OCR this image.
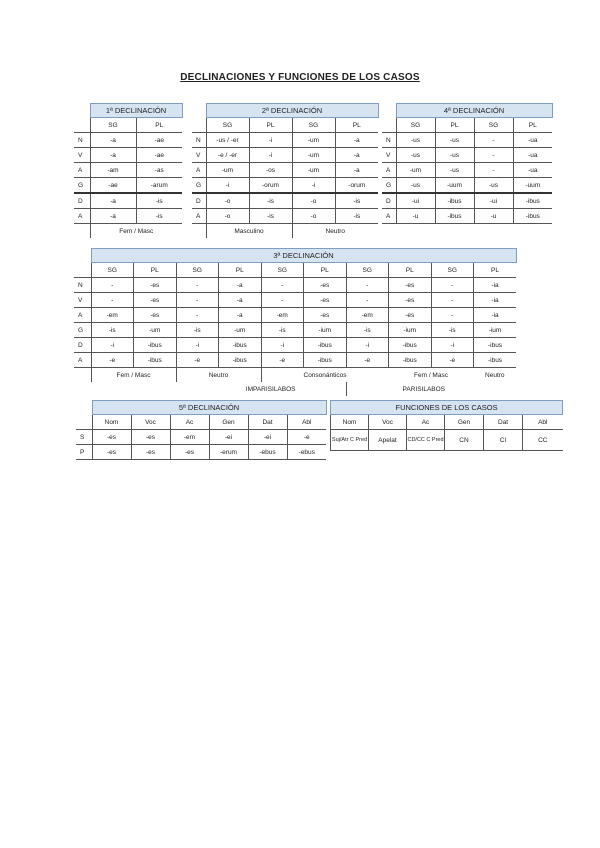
DECLINACIONES Y FUNCIONES DE LOS CASOS
	1ª DECLINACIÓN	
	SG	PL
N	-a	-ae
V	-a	-ae
A	-am	-as
G	-ae	-arum
D	-a	-is
A	-a	-is
	Fem / Masc	
	2ª DECLINACIÓN			
	SG	PL	SG	PL
N	-us / -er	-i	-um	-a
V	-e / -er	-i	-um	-a
A	-um	-os	-um	-a
G	-i	-orum	-i	-orum
D	-o	-is	-o	-is
A	-o	-is	-o	-is
	Masculino		Neutro	
	4ª DECLINACIÓN			
	SG	PL	SG	PL
N	-us	-us	-	-ua
V	-us	-us	-	-ua
A	-um	-us	-	-ua
G	-us	-uum	-us	-uum
D	-ui	-ibus	-ui	-ibus
A	-u	-ibus	-u	-ibus
	3ª DECLINACIÓN									
	SG	PL	SG	PL	SG	PL	SG	PL	SG	PL
N	-	-es	-	-a	-	-es	-	-es	-	-ia
V	-	-es	-	-a	-	-es	-	-es	-	-ia
A	-em	-es	-	-a	-em	-es	-em	-es	-	-ia
G	-is	-um	-is	-um	-is	-ium	-is	-ium	-is	-ium
D	-i	-ibus	-i	-ibus	-i	-ibus	-i	-ibus	-i	-ibus
A	-e	-ibus	-e	-ibus	-e	-ibus	-e	-ibus	-e	-ibus
	Fem / Masc		Neutro		Consonánticos			Fem / Masc		Neutro
	IMPARISILABOS						PARISILABOS			
	5ª DECLINACIÓN					
	Nom	Voc	Ac	Gen	Dat	Abl
S	-es	-es	-em	-ei	-ei	-e
P	-es	-es	-es	-erum	-ebus	-ebus
FUNCIONES DE LOS CASOS					
Nom	Voc	Ac	Gen	Dat	Abl
Suj/Atr C Pred	Apelat	CD/CC C Pred	CN	CI	CC
